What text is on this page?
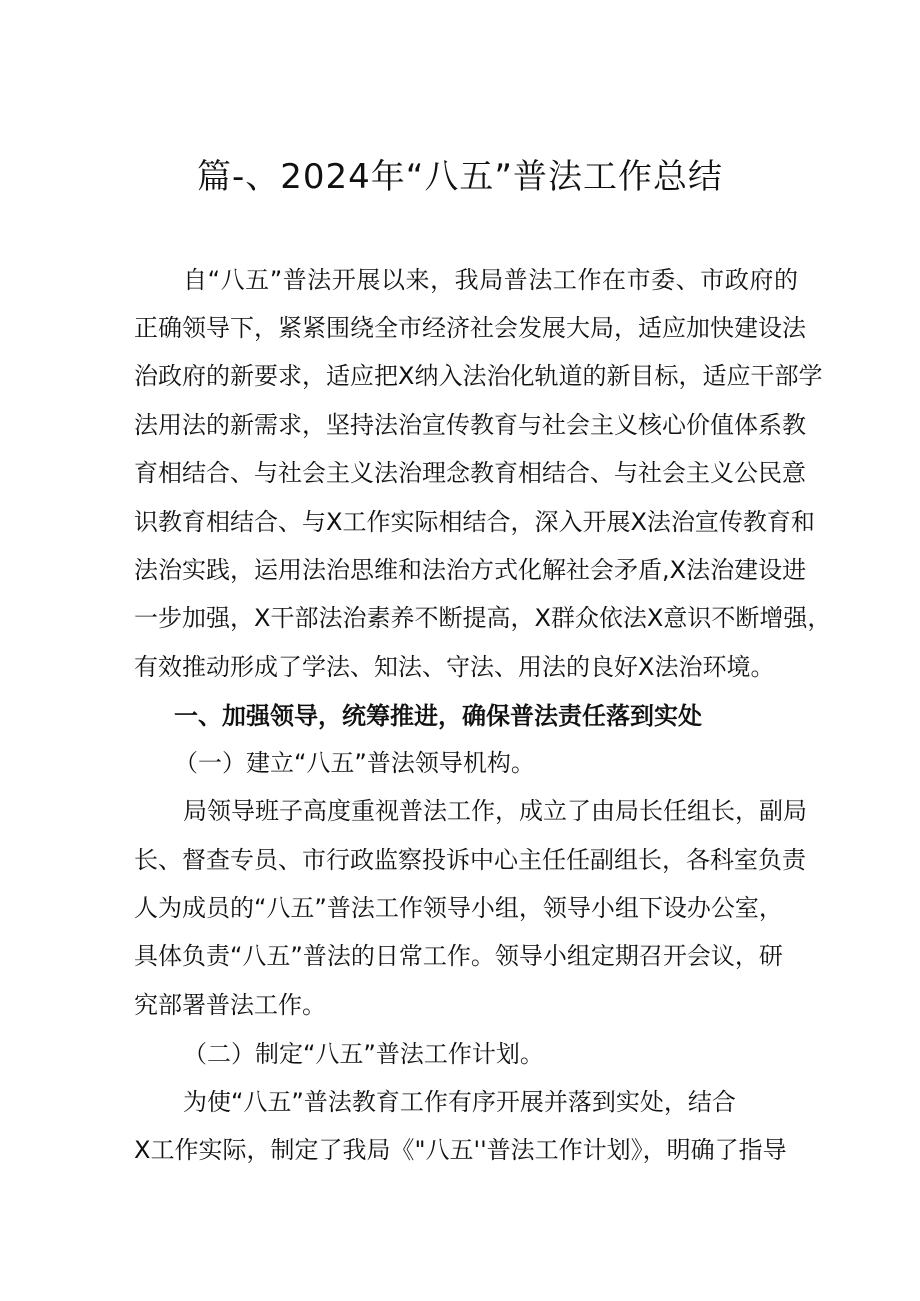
篇-、2024年“八五”普法工作总结

自“八五”普法开展以来，我局普法工作在市委、市政府的

正确领导下，紧紧围绕全市经济社会发展大局，适应加快建设法

治政府的新要求，适应把X纳入法治化轨道的新目标，适应干部学

法用法的新需求，坚持法治宣传教育与社会主义核心价值体系教

育相结合、与社会主义法治理念教育相结合、与社会主义公民意

识教育相结合、与X工作实际相结合，深入开展X法治宣传教育和

法治实践，运用法治思维和法治方式化解社会矛盾,X法治建设进

一步加强，X干部法治素养不断提高，X群众依法X意识不断增强，

有效推动形成了学法、知法、守法、用法的良好X法治环境。

一、加强领导，统筹推进，确保普法责任落到实处

（一）建立“八五”普法领导机构。

局领导班子高度重视普法工作，成立了由局长任组长，副局

长、督查专员、市行政监察投诉中心主任任副组长，各科室负责

人为成员的“八五”普法工作领导小组，领导小组下设办公室，

具体负责“八五”普法的日常工作。领导小组定期召开会议，研

究部署普法工作。

（二）制定“八五”普法工作计划。

为使“八五”普法教育工作有序开展并落到实处，结合

X工作实际，制定了我局《"八五''普法工作计划》，明确了指导
